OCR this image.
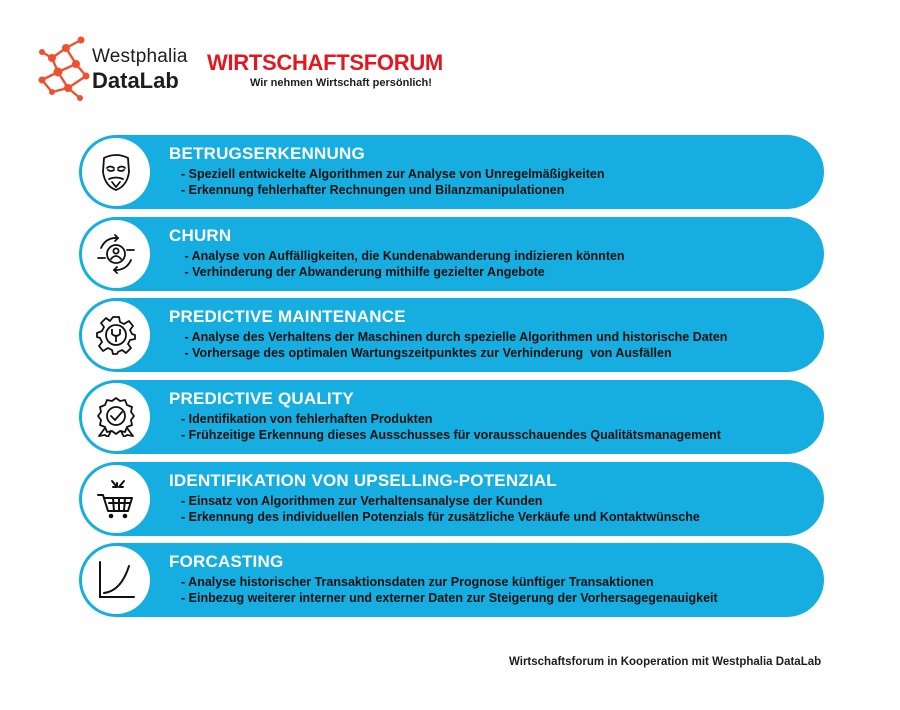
Westphalia
DataLab
WIRTSCHAFTSFORUM
Wir nehmen Wirtschaft persönlich!
BETRUGSERKENNUNG
- Speziell entwickelte Algorithmen zur Analyse von Unregelmäßigkeiten
- Erkennung fehlerhafter Rechnungen und Bilanzmanipulationen
CHURN
- Analyse von Auffälligkeiten, die Kundenabwanderung indizieren könnten
- Verhinderung der Abwanderung mithilfe gezielter Angebote
PREDICTIVE MAINTENANCE
- Analyse des Verhaltens der Maschinen durch spezielle Algorithmen und historische Daten
- Vorhersage des optimalen Wartungszeitpunktes zur Verhinderung  von Ausfällen
PREDICTIVE QUALITY
- Identifikation von fehlerhaften Produkten
- Frühzeitige Erkennung dieses Ausschusses für vorausschauendes Qualitätsmanagement
IDENTIFIKATION VON UPSELLING-POTENZIAL
- Einsatz von Algorithmen zur Verhaltensanalyse der Kunden
- Erkennung des individuellen Potenzials für zusätzliche Verkäufe und Kontaktwünsche
FORCASTING
- Analyse historischer Transaktionsdaten zur Prognose künftiger Transaktionen
- Einbezug weiterer interner und externer Daten zur Steigerung der Vorhersagegenauigkeit
Wirtschaftsforum in Kooperation mit Westphalia DataLab
